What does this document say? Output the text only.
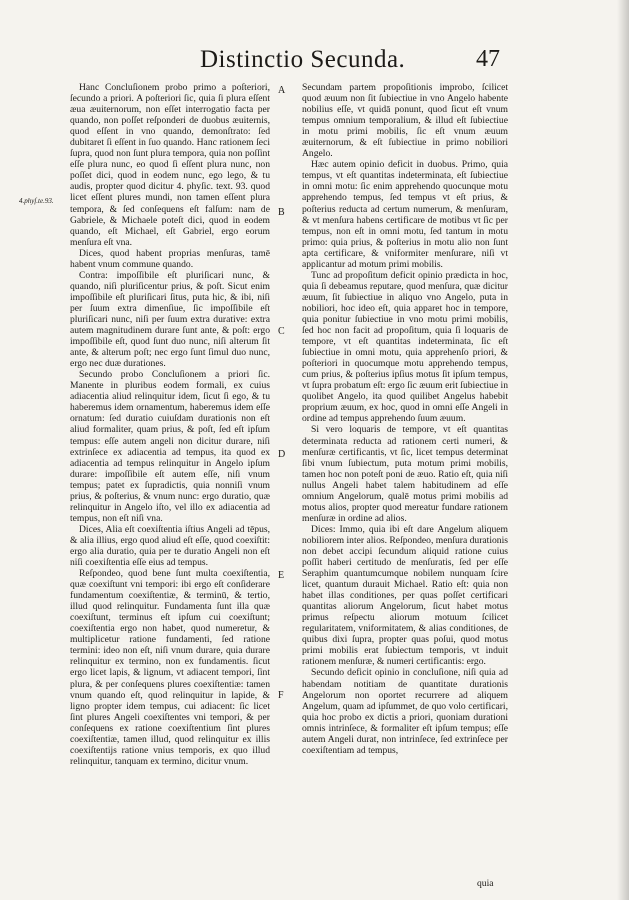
Distinctio Secunda.	47
4.phyſ.te.93.
A
B
C
D
E
F

Hanc Concluſionem probo primo a poſteriori, ſecundo a priori. A poſteriori ſic, quia ſi plura eſſent æua æuiternorum, non eſſet interrogatio facta per quando, non poſſet reſponderi de duobus æuiternis, quod eſſent in vno quando, demonſtrato: ſed dubitaret ſi eſſent in ſuo quando. Hanc rationem ſeci ſupra, quod non ſunt plura tempora, quia non poſſint eſſe plura nunc, eo quod ſi eſſent plura nunc, non poſſet dici, quod in eodem nunc, ego lego, & tu audis, propter quod dicitur 4. phyſic. text. 93. quod licet eſſent plures mundi, non tamen eſſent plura tempora, & ſed conſequens eſt falſum: nam de Gabriele, & Michaele poteſt dici, quod in eodem quando, eſt Michael, eſt Gabriel, ergo eorum menſura eſt vna.

Dices, quod habent proprias menſuras, tamē habent vnum commune quando.

Contra: impoſſibile eſt pluriſicari nunc, & quando, niſi pluriſicentur prius, & poſt. Sicut enim impoſſibile eſt pluriſicari ſitus, puta hic, & ibi, niſi per ſuum extra dimenſiue, ſic impoſſibile eſt pluriſicari nunc, niſi per ſuum extra durative: extra autem magnitudinem durare ſunt ante, & poſt: ergo impoſſibile eſt, quod ſunt duo nunc, niſi alterum ſit ante, & alterum poſt; nec ergo ſunt ſimul duo nunc, ergo nec duæ durationes.

Secundo probo Concluſionem a priori ſic. Manente in pluribus eodem formali, ex cuius adiacentia aliud relinquitur idem, ſicut ſi ego, & tu haberemus idem ornamentum, haberemus idem eſſe ornatum: ſed duratio cuiuſdam durationis non eſt aliud formaliter, quam prius, & poſt, ſed eſt ipſum tempus: eſſe autem angeli non dicitur durare, niſi extrinſece ex adiacentia ad tempus, ita quod ex adiacentia ad tempus relinquitur in Angelo ipſum durare: impoſſibile eſt autem eſſe, niſi vnum tempus; patet ex ſupradictis, quia nonniſi vnum prius, & poſterius, & vnum nunc: ergo duratio, quæ relinquitur in Angelo iſto, vel illo ex adiacentia ad tempus, non eſt niſi vna.

Dices, Alia eſt coexiſtentia iſtius Angeli ad tēpus, & alia illius, ergo quod aliud eſt eſſe, quod coexiſtit: ergo alia duratio, quia per te duratio Angeli non eſt niſi coexiſtentia eſſe eius ad tempus.

Reſpondeo, quod bene ſunt multa coexiſtentia, quæ coexiſtunt vni tempori: ibi ergo eſt conſiderare fundamentum coexiſtentiæ, & terminū, & tertio, illud quod relinquitur. Fundamenta ſunt illa quæ coexiſtunt, terminus eſt ipſum cui coexiſtunt; coexiſtentia ergo non habet, quod numeretur, & multiplicetur ratione fundamenti, ſed ratione termini: ideo non eſt, niſi vnum durare, quia durare relinquitur ex termino, non ex fundamentis. ſicut ergo licet lapis, & lignum, vt adiacent tempori, ſint plura, & per conſequens plures coexiſtentiæ: tamen vnum quando eſt, quod relinquitur in lapide, & ligno propter idem tempus, cui adiacent: ſic licet ſint plures Angeli coexiſtentes vni tempori, & per conſequens ex ratione coexiſtentium ſint plures coexiſtentiæ, tamen illud, quod relinquitur ex illis coexiſtentijs ratione vnius temporis, ex quo illud relinquitur, tanquam ex termino, dicitur vnum.

Secundam partem propoſitionis improbo, ſcilicet quod æuum non ſit ſubiectiue in vno Angelo habente nobilius eſſe, vt quidā ponunt, quod ſicut eſt vnum tempus omnium temporalium, & illud eſt ſubiectiue in motu primi mobilis, ſic eſt vnum æuum æuiternorum, & eſt ſubiectiue in primo nobiliori Angelo.

Hæc autem opinio deficit in duobus. Primo, quia tempus, vt eſt quantitas indeterminata, eſt ſubiectiue in omni motu: ſic enim apprehendo quocunque motu apprehendo tempus, ſed tempus vt eſt prius, & poſterius reducta ad certum numerum, & menſuram, & vt menſura habens certificare de motibus vt ſic per tempus, non eſt in omni motu, ſed tantum in motu primo: quia prius, & poſterius in motu alio non ſunt apta certificare, & vniformiter menſurare, niſi vt applicantur ad motum primi mobilis.

Tunc ad propoſitum deficit opinio prædicta in hoc, quia ſi debeamus reputare, quod menſura, quæ dicitur æuum, ſit ſubiectiue in aliquo vno Angelo, puta in nobiliori, hoc ideo eſt, quia apparet hoc in tempore, quia ponitur ſubiectiue in vno motu primi mobilis, ſed hoc non facit ad propoſitum, quia ſi loquaris de tempore, vt eſt quantitas indeterminata, ſic eſt ſubiectiue in omni motu, quia apprehenſo priori, & poſteriori in quocumque motu apprehendo tempus, cum prius, & poſterius ipſius motus ſit ipſum tempus, vt ſupra probatum eſt: ergo ſic æuum erit ſubiectiue in quolibet Angelo, ita quod quilibet Angelus habebit proprium æuum, ex hoc, quod in omni eſſe Angeli in ordine ad tempus apprehendo ſuum æuum.

Si vero loquaris de tempore, vt eſt quantitas determinata reducta ad rationem certi numeri, & menſuræ certificantis, vt ſic, licet tempus determinat ſibi vnum ſubiectum, puta motum primi mobilis, tamen hoc non poteſt poni de æuo. Ratio eſt, quia niſi nullus Angeli habet talem habitudinem ad eſſe omnium Angelorum, qualē motus primi mobilis ad motus alios, propter quod mereatur fundare rationem menſuræ in ordine ad alios.

Dices: Immo, quia ibi eſt dare Angelum aliquem nobiliorem inter alios. Reſpondeo, menſura durationis non debet accipi ſecundum aliquid ratione cuius poſſit haberi certitudo de menſuratis, ſed per eſſe Seraphim quantumcumque nobilem nunquam ſcire licet, quantum durauit Michael. Ratio eſt: quia non habet illas conditiones, per quas poſſet certificari quantitas aliorum Angelorum, ſicut habet motus primus reſpectu aliorum motuum ſcilicet regularitatem, vniformitatem, & alias conditiones, de quibus dixi ſupra, propter quas poſui, quod motus primi mobilis erat ſubiectum temporis, vt induit rationem menſuræ, & numeri certificantis: ergo.

Secundo deficit opinio in concluſione, niſi quia ad habendam notitiam de quantitate durationis Angelorum non oportet recurrere ad aliquem Angelum, quam ad ipſummet, de quo volo certificari, quia hoc probo ex dictis a priori, quoniam durationi omnis intrinſece, & formaliter eſt ipſum tempus; eſſe autem Angeli durat, non intrinſece, ſed extrinſece per coexiſtentiam ad tempus,

quia
